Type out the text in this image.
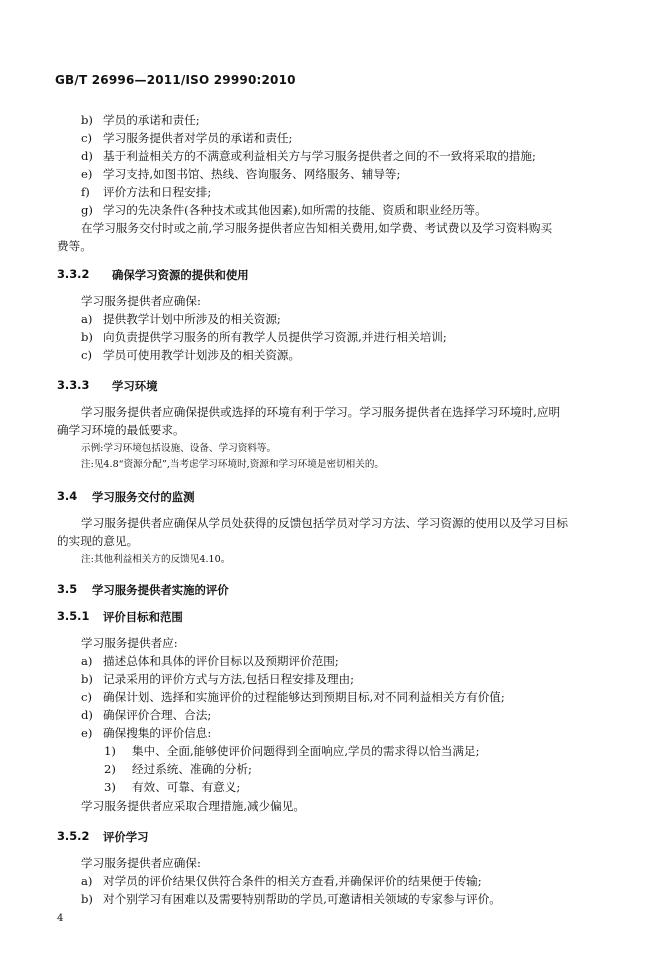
GB/T 26996—2011/ISO 29990:2010
b) 学员的承诺和责任;
c) 学习服务提供者对学员的承诺和责任;
d) 基于利益相关方的不满意或利益相关方与学习服务提供者之间的不一致将采取的措施;
e) 学习支持,如图书馆、热线、咨询服务、网络服务、辅导等;
f) 评价方法和日程安排;
g) 学习的先决条件(各种技术或其他因素),如所需的技能、资质和职业经历等。
在学习服务交付时或之前,学习服务提供者应告知相关费用,如学费、考试费以及学习资料购买
费等。
3.3.2 确保学习资源的提供和使用
学习服务提供者应确保:
a) 提供教学计划中所涉及的相关资源;
b) 向负责提供学习服务的所有教学人员提供学习资源,并进行相关培训;
c) 学员可使用教学计划涉及的相关资源。
3.3.3 学习环境
学习服务提供者应确保提供或选择的环境有利于学习。学习服务提供者在选择学习环境时,应明
确学习环境的最低要求。
示例:学习环境包括设施、设备、学习资料等。
注:见4.8“资源分配”,当考虑学习环境时,资源和学习环境是密切相关的。
3.4 学习服务交付的监测
学习服务提供者应确保从学员处获得的反馈包括学员对学习方法、学习资源的使用以及学习目标
的实现的意见。
注:其他利益相关方的反馈见4.10。
3.5 学习服务提供者实施的评价
3.5.1 评价目标和范围
学习服务提供者应:
a) 描述总体和具体的评价目标以及预期评价范围;
b) 记录采用的评价方式与方法,包括日程安排及理由;
c) 确保计划、选择和实施评价的过程能够达到预期目标,对不同利益相关方有价值;
d) 确保评价合理、合法;
e) 确保搜集的评价信息:
1) 集中、全面,能够使评价问题得到全面响应,学员的需求得以恰当满足;
2) 经过系统、准确的分析;
3) 有效、可靠、有意义;
学习服务提供者应采取合理措施,减少偏见。
3.5.2 评价学习
学习服务提供者应确保:
a) 对学员的评价结果仅供符合条件的相关方查看,并确保评价的结果便于传输;
b) 对个别学习有困难以及需要特别帮助的学员,可邀请相关领域的专家参与评价。
4
